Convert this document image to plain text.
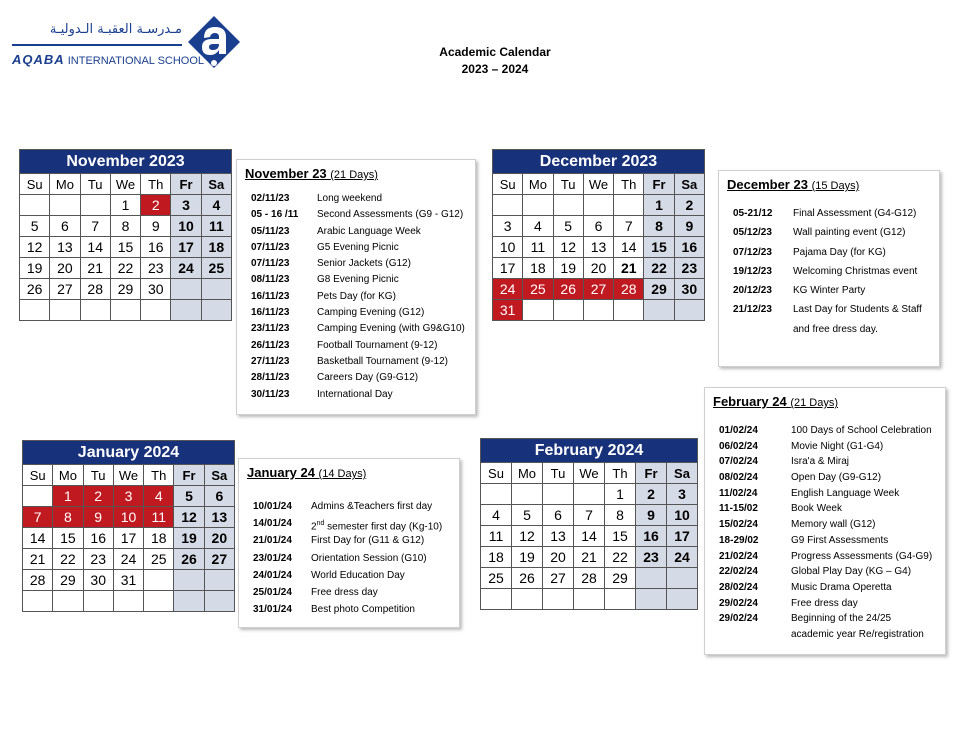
مـدرسـة العقبـة الـدوليـة
AQABA INTERNATIONAL SCHOOL
Academic Calendar
2023 – 2024
November 2023						
Su	Mo	Tu	We	Th	Fr	Sa
			1	2	3	4
5	6	7	8	9	10	11
12	13	14	15	16	17	18
19	20	21	22	23	24	25
26	27	28	29	30		

December 2023						
Su	Mo	Tu	We	Th	Fr	Sa
					1	2
3	4	5	6	7	8	9
10	11	12	13	14	15	16
17	18	19	20	21	22	23
24	25	26	27	28	29	30
31						
January 2024						
Su	Mo	Tu	We	Th	Fr	Sa
	1	2	3	4	5	6
7	8	9	10	11	12	13
14	15	16	17	18	19	20
21	22	23	24	25	26	27
28	29	30	31			

February 2024						
Su	Mo	Tu	We	Th	Fr	Sa
				1	2	3
4	5	6	7	8	9	10
11	12	13	14	15	16	17
18	19	20	21	22	23	24
25	26	27	28	29		

November 23 (21 Days)
02/11/23	Long weekend
05 - 16 /11	Second Assessments (G9 - G12)
05/11/23	Arabic Language Week
07/11/23	G5 Evening Picnic
07/11/23	Senior Jackets (G12)
08/11/23	G8 Evening Picnic
16/11/23	Pets Day (for KG)
16/11/23	Camping Evening (G12)
23/11/23	Camping Evening (with G9&G10)
26/11/23	Football Tournament (9-12)
27/11/23	Basketball Tournament (9-12)
28/11/23	Careers Day (G9-G12)
30/11/23	International Day
December 23 (15 Days)
05-21/12	Final Assessment (G4-G12)
05/12/23	Wall painting event (G12)
07/12/23	Pajama Day (for KG)
19/12/23	Welcoming Christmas event
20/12/23	KG Winter Party
21/12/23	Last Day for Students & Staff
and free dress day.
January 24 (14 Days)
10/01/24	Admins &Teachers first day
14/01/24	2nd semester first day (Kg-10)
21/01/24	First Day for (G11 & G12)
23/01/24	Orientation Session (G10)
24/01/24	World Education Day
25/01/24	Free dress day
31/01/24	Best photo Competition
February 24 (21 Days)
01/02/24	100 Days of School Celebration
06/02/24	Movie Night (G1-G4)
07/02/24	Isra'a & Miraj
08/02/24	Open Day (G9-G12)
11/02/24	English Language Week
11-15/02	Book Week
15/02/24	Memory wall (G12)
18-29/02	G9 First Assessments
21/02/24	Progress Assessments (G4-G9)
22/02/24	Global Play Day (KG – G4)
28/02/24	Music Drama Operetta
29/02/24	Free dress day
29/02/24	Beginning of the 24/25
academic year Re/registration
